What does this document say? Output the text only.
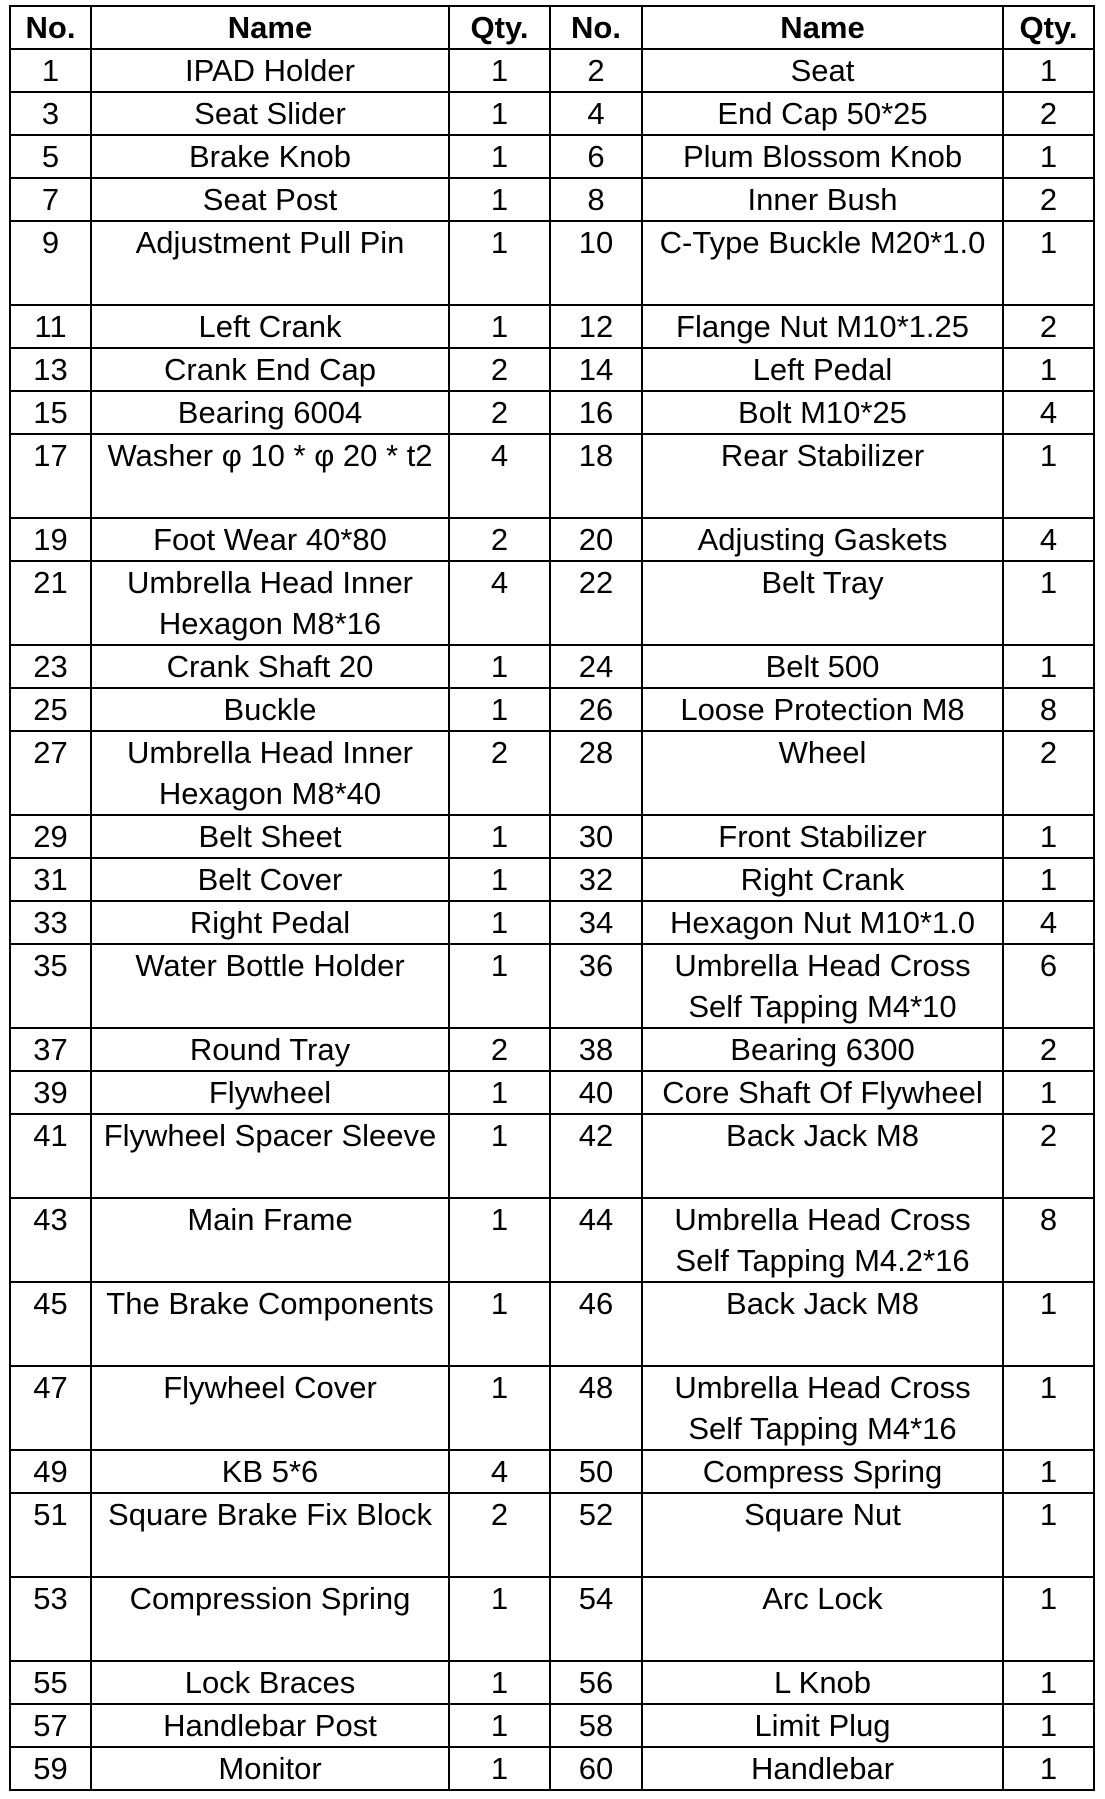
No.	Name	Qty.	No.	Name	Qty.
1	IPAD Holder	1	2	Seat	1
3	Seat Slider	1	4	End Cap 50*25	2
5	Brake Knob	1	6	Plum Blossom Knob	1
7	Seat Post	1	8	Inner Bush	2
9	Adjustment Pull Pin	1	10	C-Type Buckle M20*1.0	1
11	Left Crank	1	12	Flange Nut M10*1.25	2
13	Crank End Cap	2	14	Left Pedal	1
15	Bearing 6004	2	16	Bolt M10*25	4
17	Washer φ 10 * φ 20 * t2	4	18	Rear Stabilizer	1
19	Foot Wear 40*80	2	20	Adjusting Gaskets	4
21	Umbrella Head Inner Hexagon M8*16	4	22	Belt Tray	1
23	Crank Shaft 20	1	24	Belt 500	1
25	Buckle	1	26	Loose Protection M8	8
27	Umbrella Head Inner Hexagon M8*40	2	28	Wheel	2
29	Belt Sheet	1	30	Front Stabilizer	1
31	Belt Cover	1	32	Right Crank	1
33	Right Pedal	1	34	Hexagon Nut M10*1.0	4
35	Water Bottle Holder	1	36	Umbrella Head Cross Self Tapping M4*10	6
37	Round Tray	2	38	Bearing 6300	2
39	Flywheel	1	40	Core Shaft Of Flywheel	1
41	Flywheel Spacer Sleeve	1	42	Back Jack M8	2
43	Main Frame	1	44	Umbrella Head Cross Self Tapping M4.2*16	8
45	The Brake Components	1	46	Back Jack M8	1
47	Flywheel Cover	1	48	Umbrella Head Cross Self Tapping M4*16	1
49	KB 5*6	4	50	Compress Spring	1
51	Square Brake Fix Block	2	52	Square Nut	1
53	Compression Spring	1	54	Arc Lock	1
55	Lock Braces	1	56	L Knob	1
57	Handlebar Post	1	58	Limit Plug	1
59	Monitor	1	60	Handlebar	1
